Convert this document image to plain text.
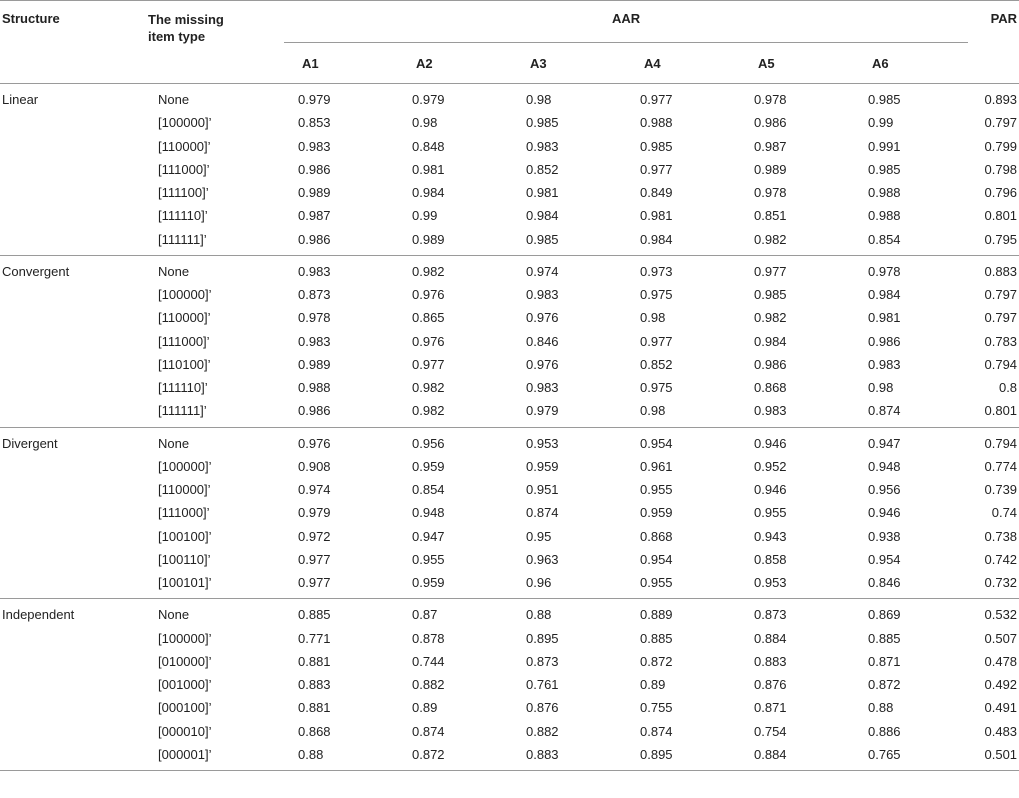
Structure	The missing
item type	AAR						PAR
		A1	A2	A3	A4	A5	A6	
Linear	None	0.979	0.979	0.98	0.977	0.978	0.985	0.893
	[100000]’	0.853	0.98	0.985	0.988	0.986	0.99	0.797
	[110000]’	0.983	0.848	0.983	0.985	0.987	0.991	0.799
	[111000]’	0.986	0.981	0.852	0.977	0.989	0.985	0.798
	[111100]’	0.989	0.984	0.981	0.849	0.978	0.988	0.796
	[111110]’	0.987	0.99	0.984	0.981	0.851	0.988	0.801
	[111111]’	0.986	0.989	0.985	0.984	0.982	0.854	0.795
Convergent	None	0.983	0.982	0.974	0.973	0.977	0.978	0.883
	[100000]’	0.873	0.976	0.983	0.975	0.985	0.984	0.797
	[110000]’	0.978	0.865	0.976	0.98	0.982	0.981	0.797
	[111000]’	0.983	0.976	0.846	0.977	0.984	0.986	0.783
	[110100]’	0.989	0.977	0.976	0.852	0.986	0.983	0.794
	[111110]’	0.988	0.982	0.983	0.975	0.868	0.98	0.8
	[111111]’	0.986	0.982	0.979	0.98	0.983	0.874	0.801
Divergent	None	0.976	0.956	0.953	0.954	0.946	0.947	0.794
	[100000]’	0.908	0.959	0.959	0.961	0.952	0.948	0.774
	[110000]’	0.974	0.854	0.951	0.955	0.946	0.956	0.739
	[111000]’	0.979	0.948	0.874	0.959	0.955	0.946	0.74
	[100100]’	0.972	0.947	0.95	0.868	0.943	0.938	0.738
	[100110]’	0.977	0.955	0.963	0.954	0.858	0.954	0.742
	[100101]’	0.977	0.959	0.96	0.955	0.953	0.846	0.732
Independent	None	0.885	0.87	0.88	0.889	0.873	0.869	0.532
	[100000]’	0.771	0.878	0.895	0.885	0.884	0.885	0.507
	[010000]’	0.881	0.744	0.873	0.872	0.883	0.871	0.478
	[001000]’	0.883	0.882	0.761	0.89	0.876	0.872	0.492
	[000100]’	0.881	0.89	0.876	0.755	0.871	0.88	0.491
	[000010]’	0.868	0.874	0.882	0.874	0.754	0.886	0.483
	[000001]’	0.88	0.872	0.883	0.895	0.884	0.765	0.501
